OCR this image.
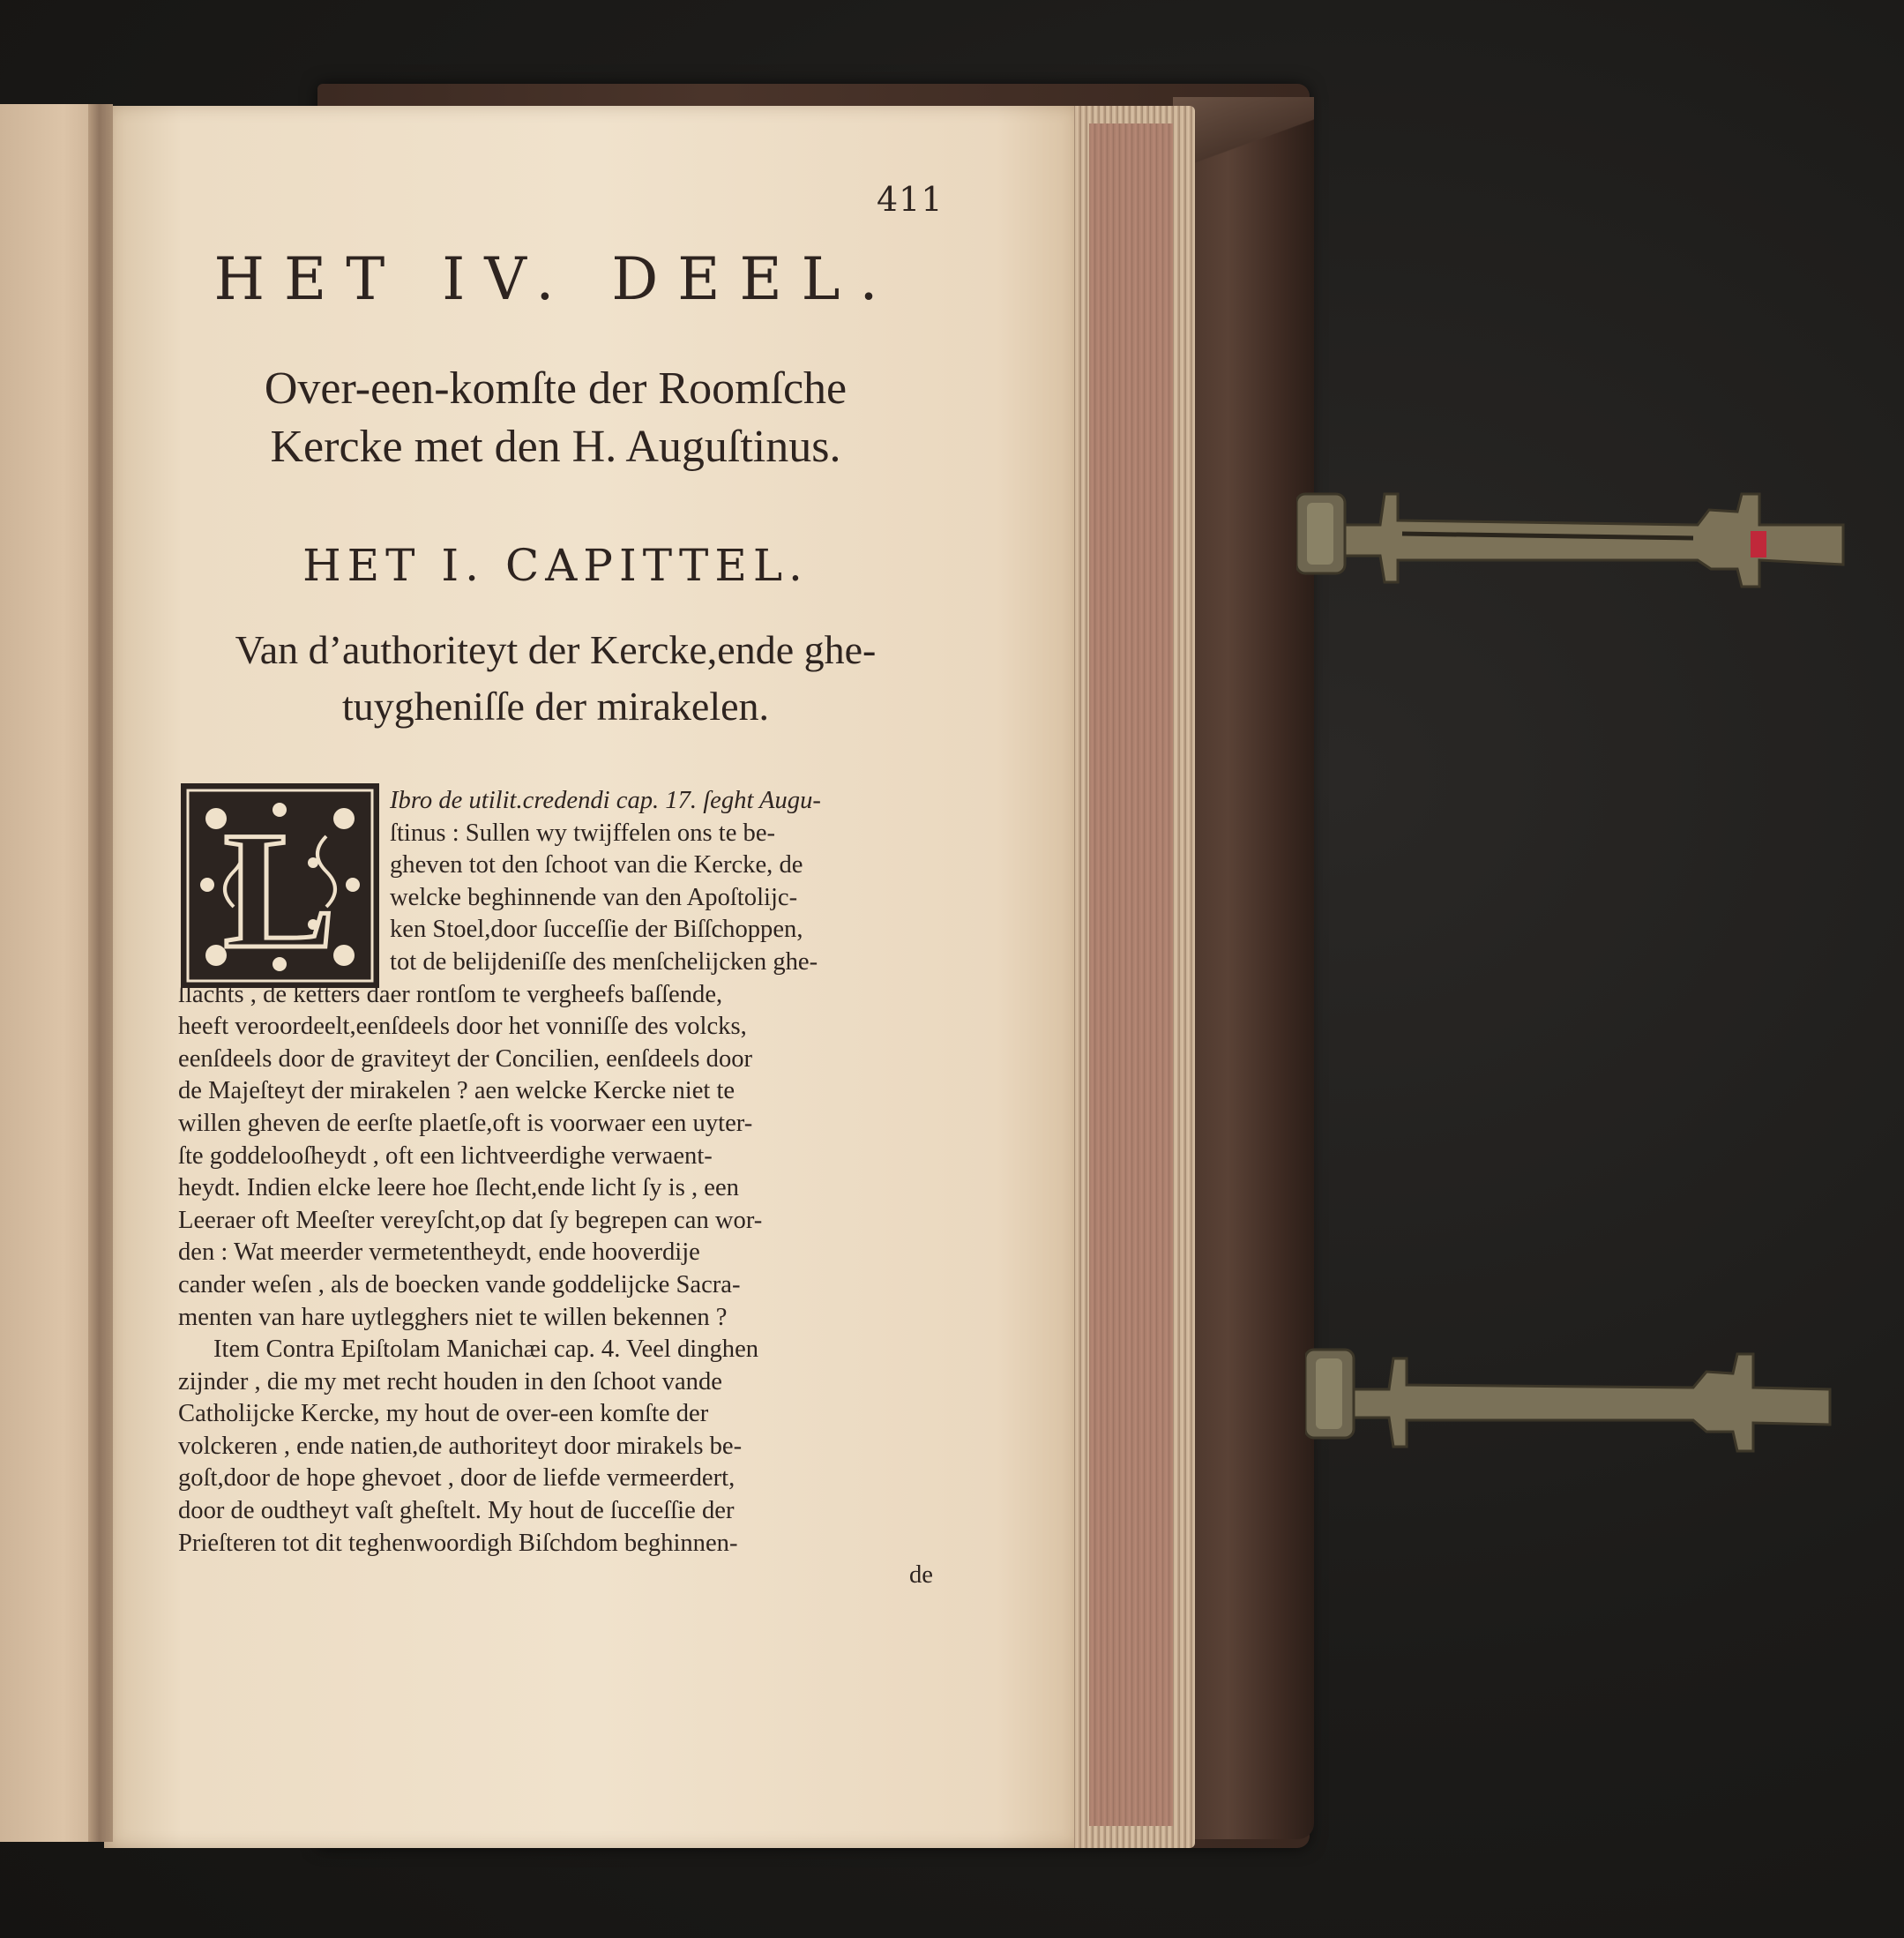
411
HET IV. DEEL.
Over-een-komſte der Roomſche
Kercke met den H. Auguſtinus.
HET I. CAPITTEL.
Van d’authoriteyt der Kercke,ende ghe-
tuygheniſſe der mirakelen.
L	Ibro de utilit.credendi cap. 17. ſeght Augu-
ſtinus : Sullen wy twijffelen ons te be-
gheven tot den ſchoot van die Kercke, de
welcke beghinnende van den Apoſtolijc-
ken Stoel,door ſucceſſie der Biſſchoppen,
tot de belijdeniſſe des menſchelijcken ghe-
ſlachts , de ketters daer rontſom te vergheefs baſſende,
heeft veroordeelt,eenſdeels door het vonniſſe des volcks,
eenſdeels door de graviteyt der Concilien, eenſdeels door
de Majeſteyt der mirakelen ? aen welcke Kercke niet te
willen gheven de eerſte plaetſe,oft is voorwaer een uyter-
ſte goddelooſheydt , oft een lichtveerdighe verwaent-
heydt. Indien elcke leere hoe ſlecht,ende licht ſy is , een
Leeraer oft Meeſter vereyſcht,op dat ſy begrepen can wor-
den : Wat meerder vermetentheydt, ende hooverdije
cander weſen , als de boecken vande goddelijcke Sacra-
menten van hare uytlegghers niet te willen bekennen ?
Item Contra Epiſtolam Manichæi cap. 4. Veel dinghen
zijnder , die my met recht houden in den ſchoot vande
Catholijcke Kercke, my hout de over-een komſte der
volckeren , ende natien,de authoriteyt door mirakels be-
goſt,door de hope ghevoet , door de liefde vermeerdert,
door de oudtheyt vaſt gheſtelt. My hout de ſucceſſie der
Prieſteren tot dit teghenwoordigh Biſchdom beghinnen-
de
